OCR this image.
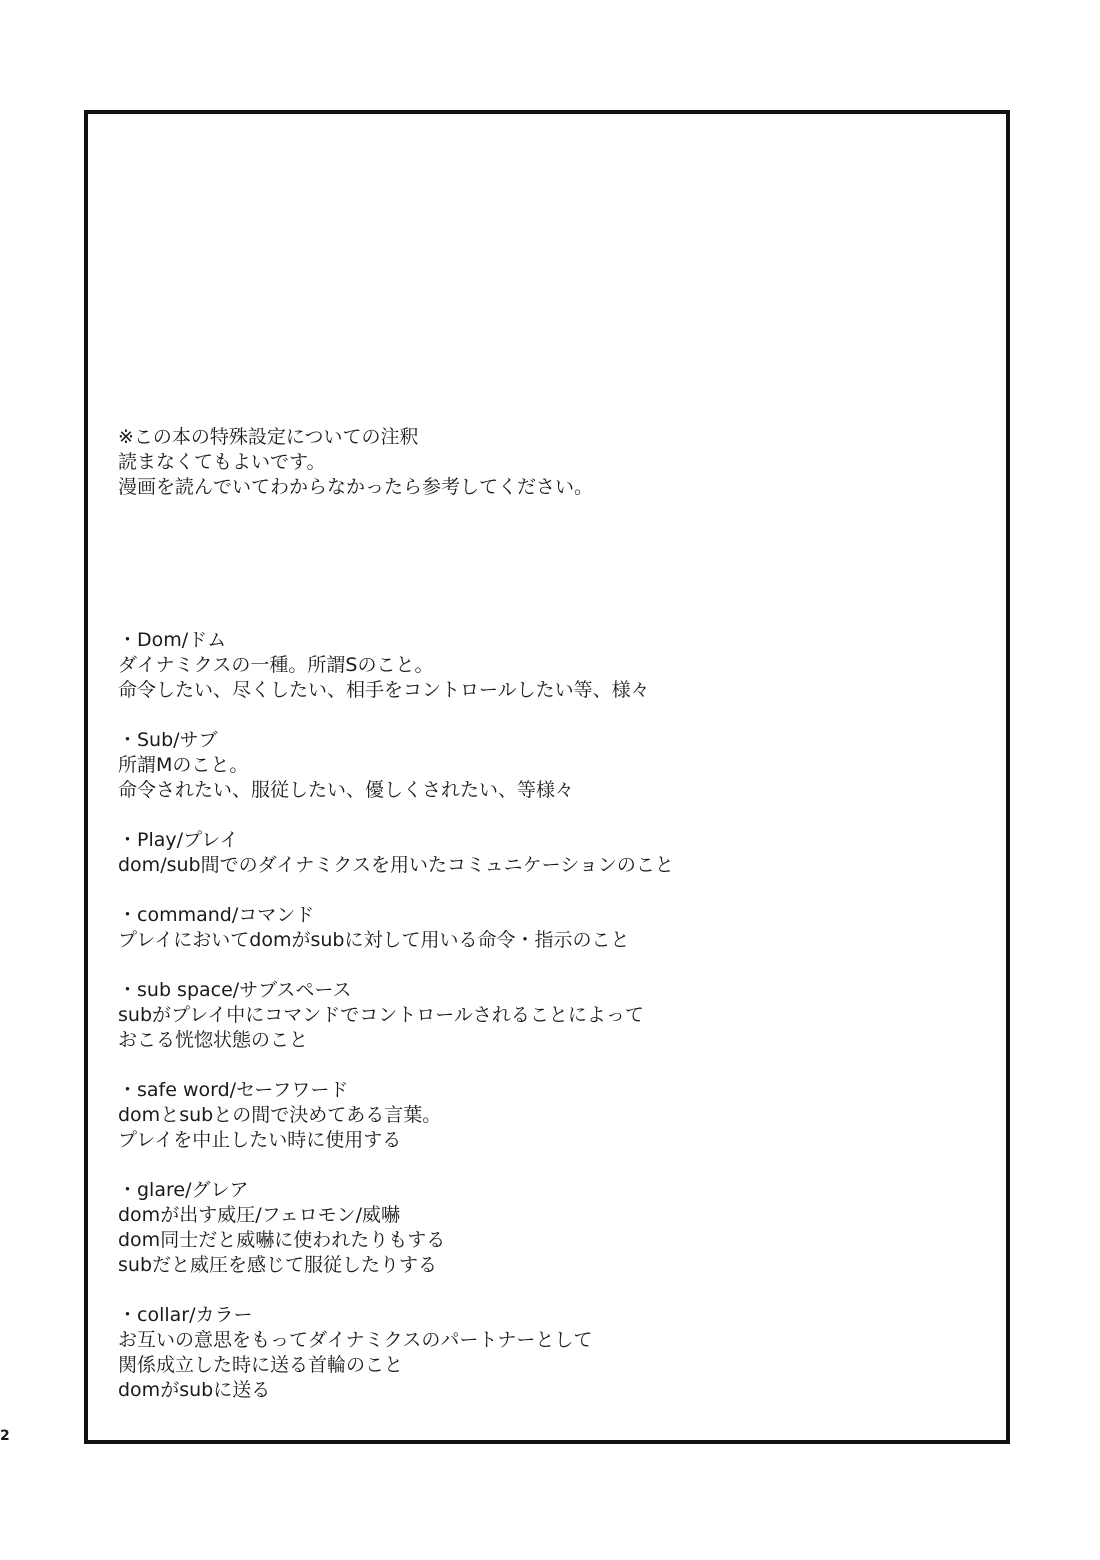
※この本の特殊設定についての注釈
読まなくてもよいです。
漫画を読んでいてわからなかったら参考してください。
・Dom/ドム
ダイナミクスの一種。所謂Sのこと。
命令したい、尽くしたい、相手をコントロールしたい等、様々
・Sub/サブ
所謂Mのこと。
命令されたい、服従したい、優しくされたい、等様々
・Play/プレイ
dom/sub間でのダイナミクスを用いたコミュニケーションのこと
・command/コマンド
プレイにおいてdomがsubに対して用いる命令・指示のこと
・sub space/サブスペース
subがプレイ中にコマンドでコントロールされることによって
おこる恍惚状態のこと
・safe word/セーフワード
domとsubとの間で決めてある言葉。
プレイを中止したい時に使用する
・glare/グレア
domが出す威圧/フェロモン/威嚇
dom同士だと威嚇に使われたりもする
subだと威圧を感じて服従したりする
・collar/カラー
お互いの意思をもってダイナミクスのパートナーとして
関係成立した時に送る首輪のこと
domがsubに送る
2
